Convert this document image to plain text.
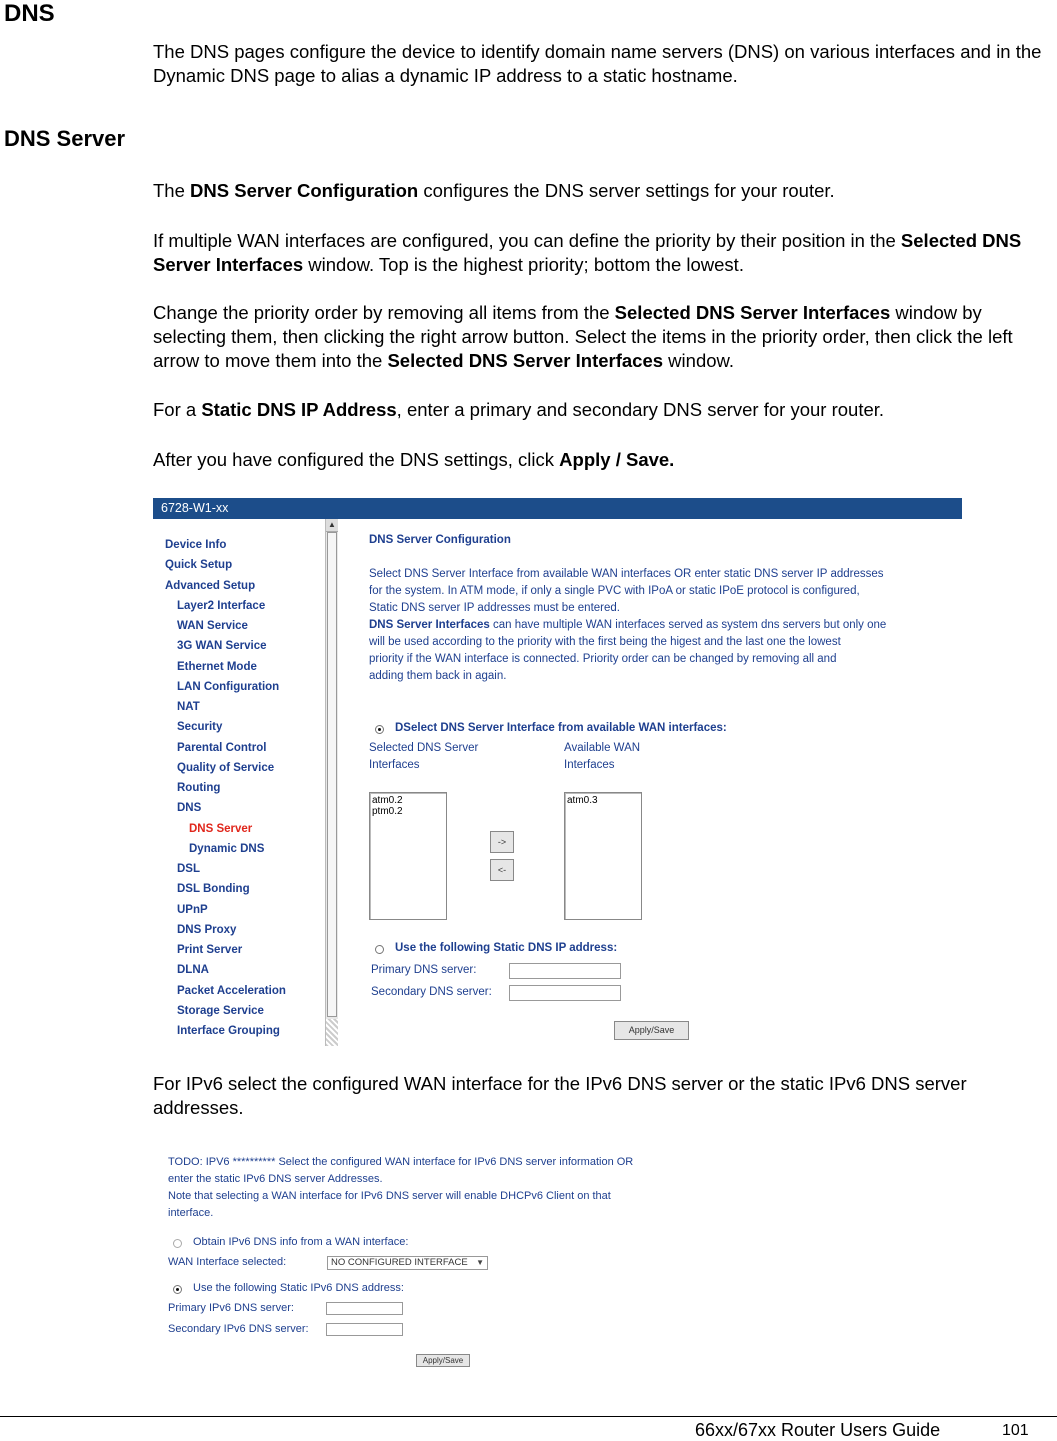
DNS
The DNS pages configure the device to identify domain name servers (DNS) on various interfaces and in the Dynamic DNS page to alias a dynamic IP address to a static hostname.
DNS Server
The DNS Server Configuration configures the DNS server settings for your router.
If multiple WAN interfaces are configured, you can define the priority by their position in the Selected DNS Server Interfaces window. Top is the highest priority; bottom the lowest.
Change the priority order by removing all items from the Selected DNS Server Interfaces window by selecting them, then clicking the right arrow button. Select the items in the priority order, then click the left arrow to move them into the Selected DNS Server Interfaces window.
For a Static DNS IP Address, enter a primary and secondary DNS server for your router.
After you have configured the DNS settings, click Apply / Save.
6728-W1-xx
Device Info
Quick Setup
Advanced Setup
Layer2 Interface
WAN Service
3G WAN Service
Ethernet Mode
LAN Configuration
NAT
Security
Parental Control
Quality of Service
Routing
DNS
DNS Server
Dynamic DNS
DSL
DSL Bonding
UPnP
DNS Proxy
Print Server
DLNA
Packet Acceleration
Storage Service
Interface Grouping
▲
DNS Server Configuration
Select DNS Server Interface from available WAN interfaces OR enter static DNS server IP addresses
for the system. In ATM mode, if only a single PVC with IPoA or static IPoE protocol is configured,
Static DNS server IP addresses must be entered.
DNS Server Interfaces can have multiple WAN interfaces served as system dns servers but only one
will be used according to the priority with the first being the higest and the last one the lowest
priority if the WAN interface is connected. Priority order can be changed by removing all and
adding them back in again.
DSelect DNS Server Interface from available WAN interfaces:
Selected DNS Server
Interfaces
Available WAN
Interfaces
atm0.2
ptm0.2
atm0.3
->
<-
Use the following Static DNS IP address:
Primary DNS server:
Secondary DNS server:
Apply/Save
For IPv6 select the configured WAN interface for the IPv6 DNS server or the static IPv6 DNS server addresses.
TODO: IPV6 ********** Select the configured WAN interface for IPv6 DNS server information OR
enter the static IPv6 DNS server Addresses.
Note that selecting a WAN interface for IPv6 DNS server will enable DHCPv6 Client on that
interface.
Obtain IPv6 DNS info from a WAN interface:
WAN Interface selected:	NO CONFIGURED INTERFACE ▼
Use the following Static IPv6 DNS address:
Primary IPv6 DNS server:
Secondary IPv6 DNS server:
Apply/Save
66xx/67xx Router Users Guide	101
